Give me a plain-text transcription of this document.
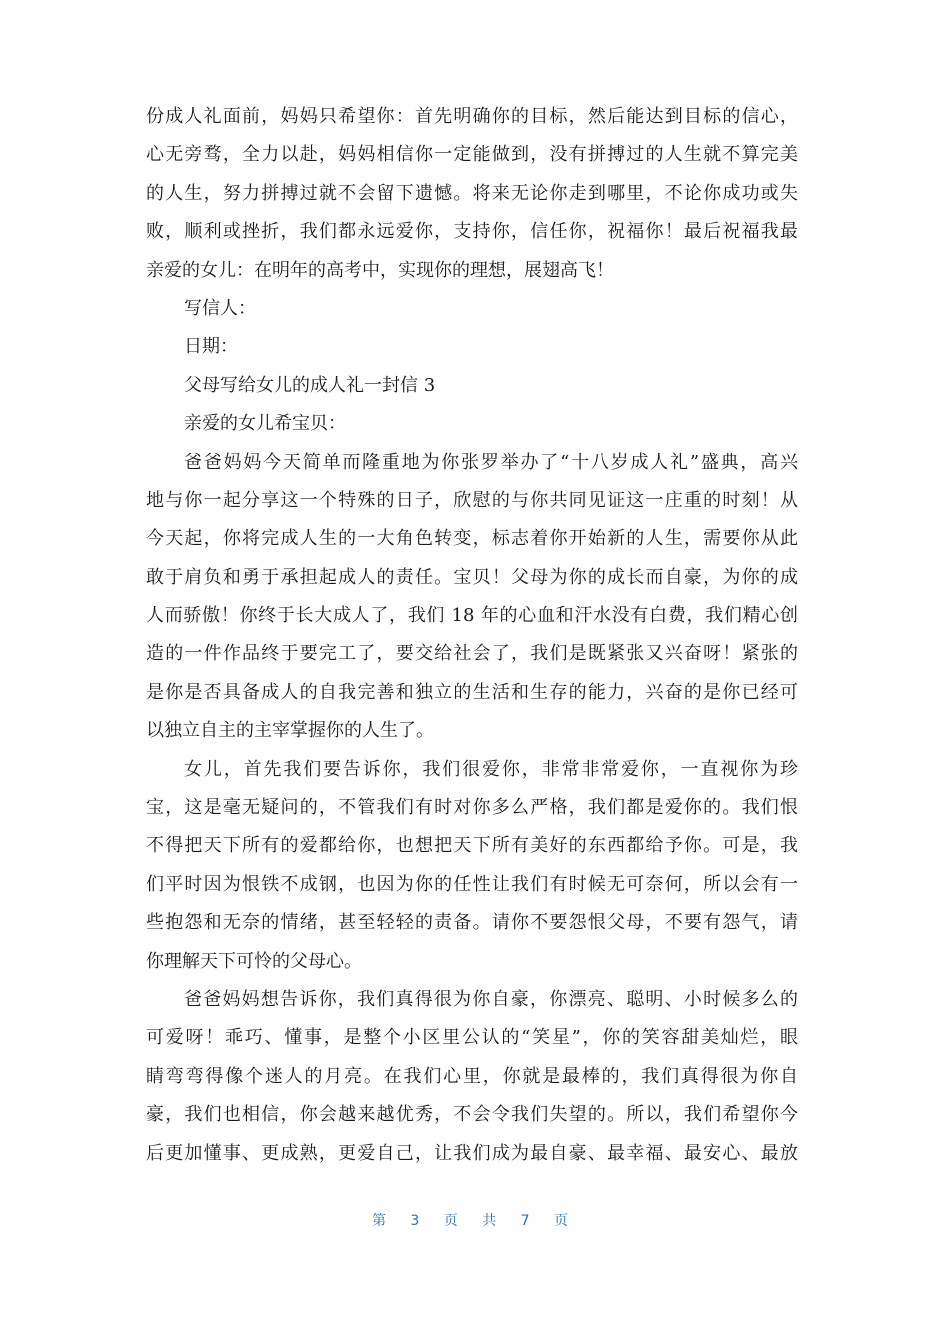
份成人礼面前，妈妈只希望你：首先明确你的目标，然后能达到目标的信心，
心无旁骛，全力以赴，妈妈相信你一定能做到，没有拼搏过的人生就不算完美
的人生，努力拼搏过就不会留下遗憾。将来无论你走到哪里，不论你成功或失
败，顺利或挫折，我们都永远爱你，支持你，信任你，祝福你！最后祝福我最
亲爱的女儿：在明年的高考中，实现你的理想，展翅高飞！
写信人：
日期：
父母写给女儿的成人礼一封信 3
亲爱的女儿希宝贝：
爸爸妈妈今天简单而隆重地为你张罗举办了“十八岁成人礼”盛典，高兴
地与你一起分享这一个特殊的日子，欣慰的与你共同见证这一庄重的时刻！从
今天起，你将完成人生的一大角色转变，标志着你开始新的人生，需要你从此
敢于肩负和勇于承担起成人的责任。宝贝！父母为你的成长而自豪，为你的成
人而骄傲！你终于长大成人了，我们 18 年的心血和汗水没有白费，我们精心创
造的一件作品终于要完工了，要交给社会了，我们是既紧张又兴奋呀！紧张的
是你是否具备成人的自我完善和独立的生活和生存的能力，兴奋的是你已经可
以独立自主的主宰掌握你的人生了。
女儿，首先我们要告诉你，我们很爱你，非常非常爱你，一直视你为珍
宝，这是毫无疑问的，不管我们有时对你多么严格，我们都是爱你的。我们恨
不得把天下所有的爱都给你，也想把天下所有美好的东西都给予你。可是，我
们平时因为恨铁不成钢，也因为你的任性让我们有时候无可奈何，所以会有一
些抱怨和无奈的情绪，甚至轻轻的责备。请你不要怨恨父母，不要有怨气，请
你理解天下可怜的父母心。
爸爸妈妈想告诉你，我们真得很为你自豪，你漂亮、聪明、小时候多么的
可爱呀！乖巧、懂事，是整个小区里公认的“笑星”，你的笑容甜美灿烂，眼
睛弯弯得像个迷人的月亮。在我们心里，你就是最棒的，我们真得很为你自
豪，我们也相信，你会越来越优秀，不会令我们失望的。所以，我们希望你今
后更加懂事、更成熟，更爱自己，让我们成为最自豪、最幸福、最安心、最放
第 3 页 共 7 页
